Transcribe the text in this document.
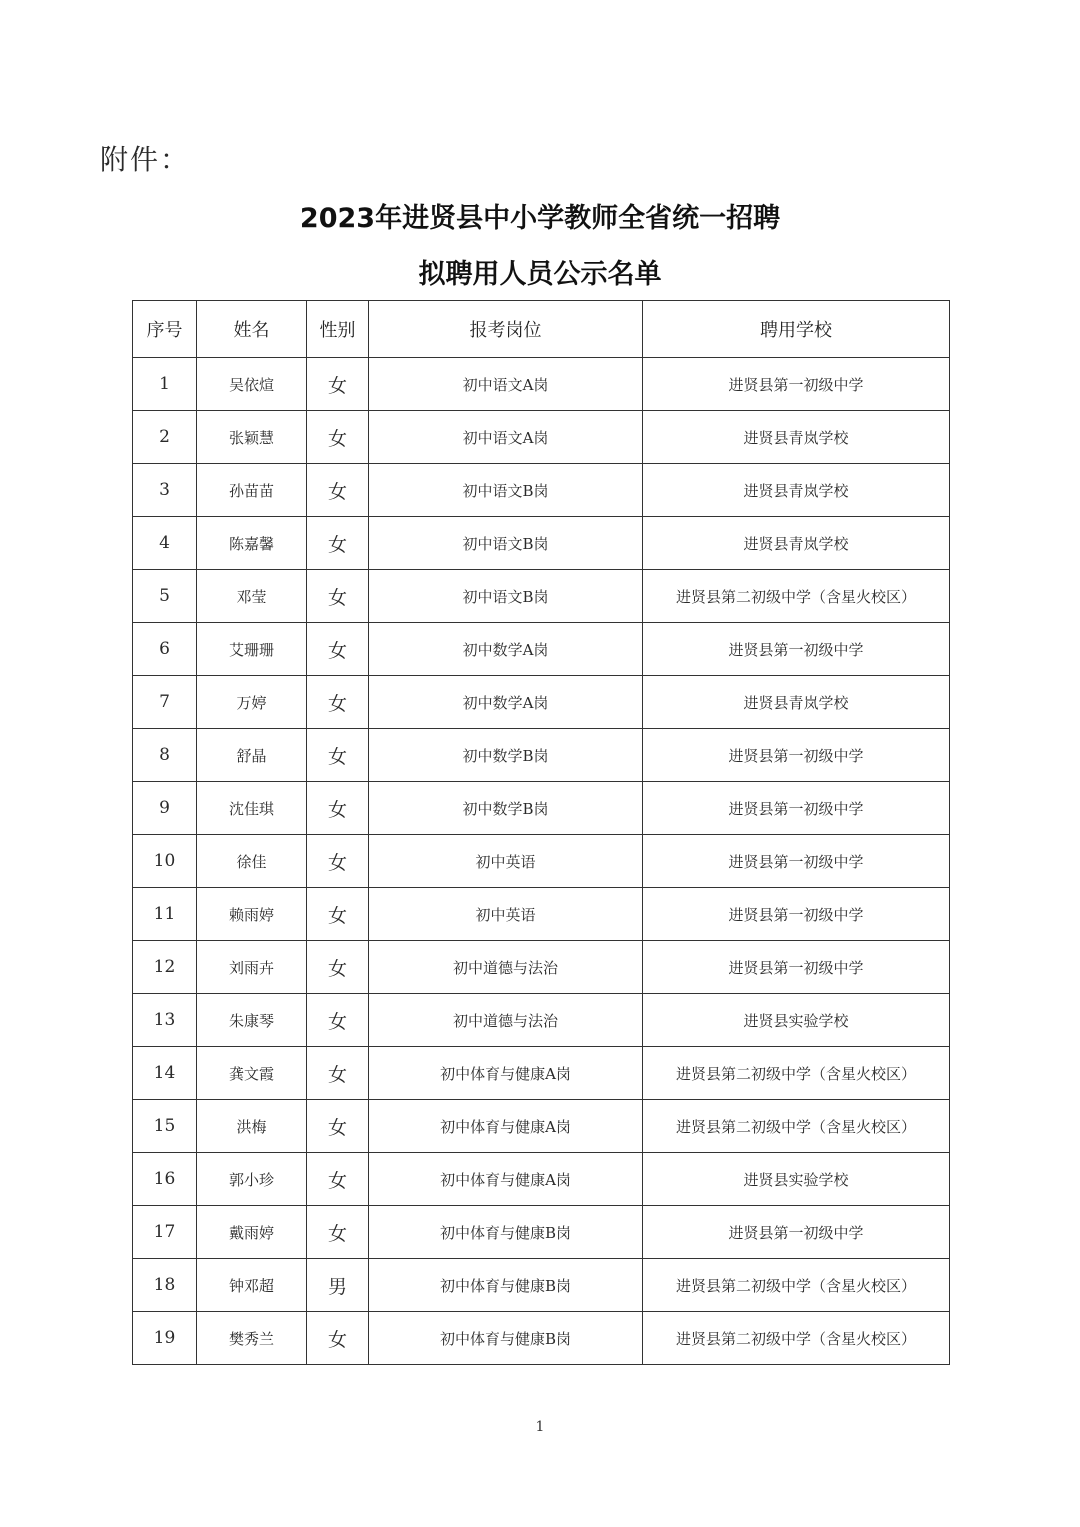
附件：
2023年进贤县中小学教师全省统一招聘
拟聘用人员公示名单
序号	姓名	性别	报考岗位	聘用学校
1	吴依煊	女	初中语文A岗	进贤县第一初级中学
2	张颖慧	女	初中语文A岗	进贤县青岚学校
3	孙苗苗	女	初中语文B岗	进贤县青岚学校
4	陈嘉馨	女	初中语文B岗	进贤县青岚学校
5	邓莹	女	初中语文B岗	进贤县第二初级中学（含星火校区）
6	艾珊珊	女	初中数学A岗	进贤县第一初级中学
7	万婷	女	初中数学A岗	进贤县青岚学校
8	舒晶	女	初中数学B岗	进贤县第一初级中学
9	沈佳琪	女	初中数学B岗	进贤县第一初级中学
10	徐佳	女	初中英语	进贤县第一初级中学
11	赖雨婷	女	初中英语	进贤县第一初级中学
12	刘雨卉	女	初中道德与法治	进贤县第一初级中学
13	朱康琴	女	初中道德与法治	进贤县实验学校
14	龚文霞	女	初中体育与健康A岗	进贤县第二初级中学（含星火校区）
15	洪梅	女	初中体育与健康A岗	进贤县第二初级中学（含星火校区）
16	郭小珍	女	初中体育与健康A岗	进贤县实验学校
17	戴雨婷	女	初中体育与健康B岗	进贤县第一初级中学
18	钟邓超	男	初中体育与健康B岗	进贤县第二初级中学（含星火校区）
19	樊秀兰	女	初中体育与健康B岗	进贤县第二初级中学（含星火校区）
1
